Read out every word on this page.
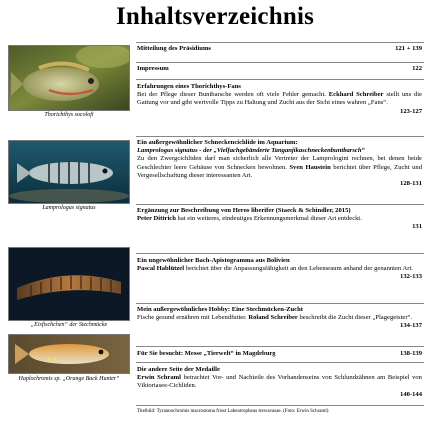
Inhaltsverzeichnis
Thorichthys socolofi
Lamprologus signatus
„Eisfischchen“ der Stechmücke
Haplochromis sp. „Orange Back Hunter“
Mitteilung des Präsidiums	121 + 139
Impressum	122
Erfahrungen eines Thorichthys-Fans
Bei der Pflege dieser Buntbarsche werden oft viele Fehler gemacht. Eckhard Schreiber stellt uns die Gattung vor und gibt wertvolle Tipps zu Haltung und Zucht aus der Sicht eines wahren „Fans“.
123-127
Ein außergewöhnlicher Schneckencichlide im Aquarium:
Lamprologus signatus - der „Vielfachgebänderte Tanganjikaschneckenbuntbarsch“
Zu den Zwergcichliden darf man sicherlich alle Vertreter der Lamprologini rechnen, bei denen beide Geschlechter leere Gehäuse von Schnecken bewohnen. Sven Haustein berichtet über Pflege, Zucht und Vergesellschaftung dieser interessanten Art.
128-131
Ergänzung zur Beschreibung von Heros liberifer (Staeck & Schindler, 2015)
Peter Dittrich hat ein weiteres, eindeutiges Erkennungsmerkmal dieser Art entdeckt.
131
Ein ungewöhnlicher Bach-Apistogramma aus Bolivien
Pascal Hablützel berichtet über die Anpassungsfähigkeit an den Lebensraum anhand der genannten Art.
132-133
Mein außergewöhnliches Hobby: Eine Stechmücken-Zucht
Fische gesund ernähren mit Lebendfutter. Roland Schreiber beschreibt die Zucht dieser „Plagegeister“.
134-137
Für Sie besucht: Messe „Tierwelt“ in Magdeburg	138-139
Die andere Seite der Medaille
Erwin Schraml betrachtet Vor- und Nachteile des Vorhandenseins von Schlundzähnen am Beispiel von Viktoriasee-Cichliden.
140-144
Titelbild: Tyrannochromis macrostoma frisst Labeotropheus trewavasae. (Foto: Erwin Schraml)
